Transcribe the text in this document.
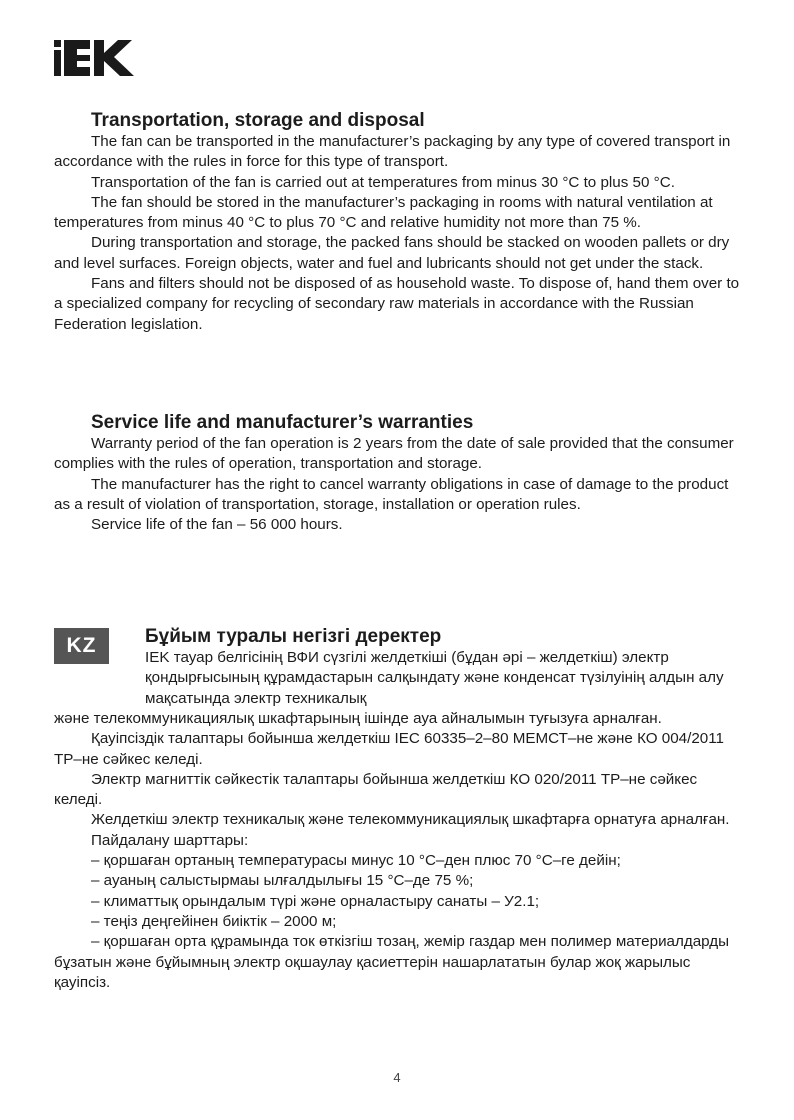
Transportation, storage and disposal

The fan can be transported in the manufacturer’s packaging by any type of covered transport in accordance with the rules in force for this type of transport.

Transportation of the fan is carried out at temperatures from minus 30 °C to plus 50 °C.

The fan should be stored in the manufacturer’s packaging in rooms with natural ventilation at temperatures from minus 40 °C to plus 70 °C and relative humidity not more than 75 %.

During transportation and storage, the packed fans should be stacked on wooden pallets or dry and level surfaces. Foreign objects, water and fuel and lubricants should not get under the stack.

Fans and filters should not be disposed of as household waste. To dispose of, hand them over to a specialized company for recycling of secondary raw materials in accordance with the Russian Federation legislation.

Service life and manufacturer’s warranties

Warranty period of the fan operation is 2 years from the date of sale provided that the consumer complies with the rules of operation, transportation and storage.

The manufacturer has the right to cancel warranty obligations in case of damage to the product as a result of violation of transportation, storage, installation or operation rules.

Service life of the fan – 56 000 hours.

KZ	Бұйым туралы негізгі деректер

IEK тауар белгісінің ВФИ сүзгілі желдеткіші (бұдан әрі – желдеткіш) электр қондырғысының құрамдастарын салқындату және конденсат түзілуінің алдын алу мақсатында электр техникалық

және телекоммуникациялық шкафтарының ішінде ауа айналымын туғызуға арналған.

Қауіпсіздік талаптары бойынша желдеткіш IEC 60335–2–80 МЕМСТ–не және КО 004/2011 ТР–не сәйкес келеді.

Электр магниттік сәйкестік талаптары бойынша желдеткіш КО 020/2011 ТР–не сәйкес келеді.

Желдеткіш электр техникалық және телекоммуникациялық шкафтарға орнатуға арналған.

Пайдалану шарттары:

– қоршаған ортаның температурасы минус 10 °С–ден плюс 70 °С–ге дейін;

– ауаның салыстырмаы ылғалдылығы 15 °С–де 75 %;

– климаттық орындалым түрі және орналастыру санаты – У2.1;

– теңіз деңгейінен биіктік – 2000 м;

– қоршаған орта құрамында ток өткізгіш тозаң, жемір газдар мен полимер материалдарды бұзатын және бұйымның электр оқшаулау қасиеттерін нашарлататын булар жоқ жарылыс қауіпсіз.

4
